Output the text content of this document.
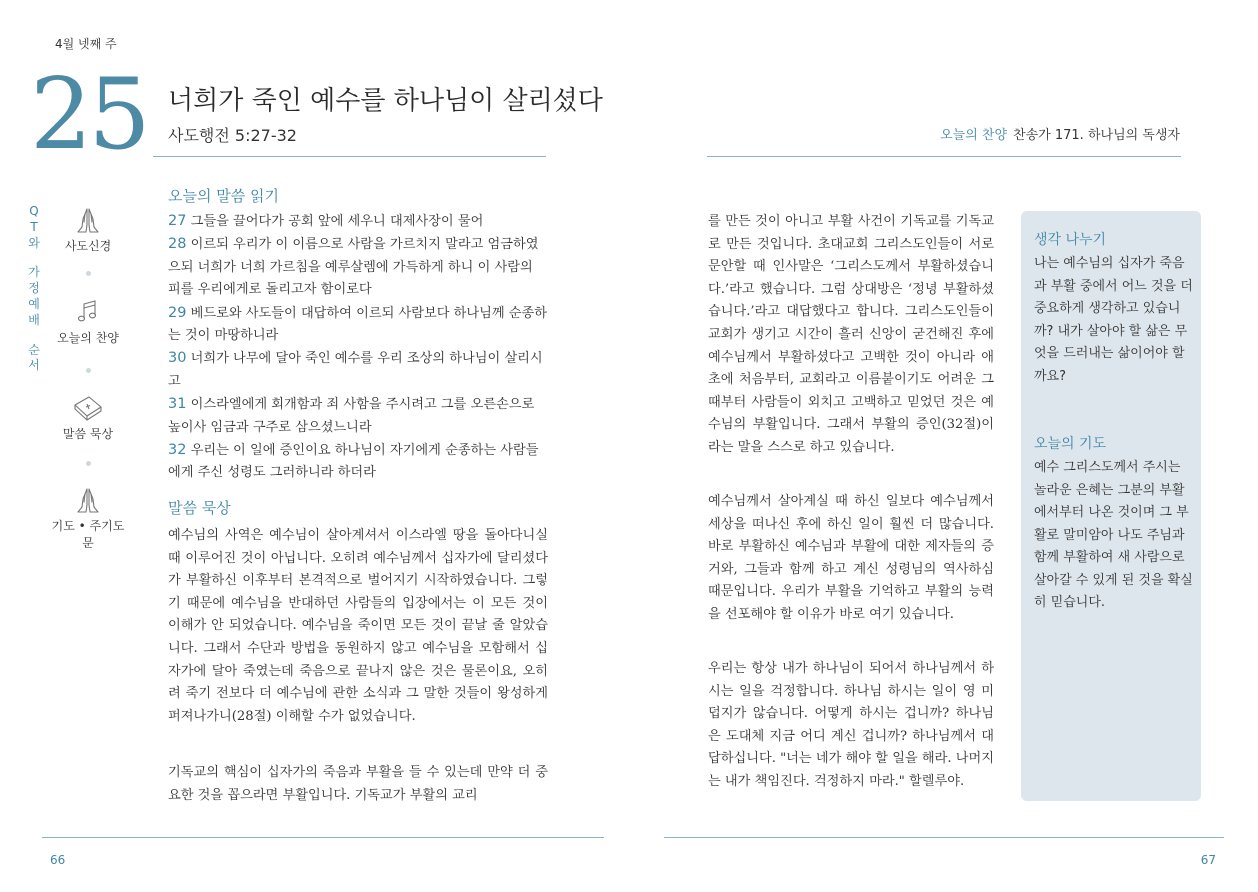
4월 넷째 주
25 너희가 죽인 예수를 하나님이 살리셨다
사도행전 5:27-32	오늘의 찬양 찬송가 171. 하나님의 독생자
Q
T
와
가
정
예
배
순
서
사도신경
오늘의 찬양
말씀 묵상
기도 • 주기도문
오늘의 말씀 읽기
27 그들을 끌어다가 공회 앞에 세우니 대제사장이 물어
28 이르되 우리가 이 이름으로 사람을 가르치지 말라고 엄금하였으되 너희가 너희 가르침을 예루살렘에 가득하게 하니 이 사람의 피를 우리에게로 돌리고자 함이로다
29 베드로와 사도들이 대답하여 이르되 사람보다 하나님께 순종하는 것이 마땅하니라
30 너희가 나무에 달아 죽인 예수를 우리 조상의 하나님이 살리시고
31 이스라엘에게 회개함과 죄 사함을 주시려고 그를 오른손으로 높이사 임금과 구주로 삼으셨느니라
32 우리는 이 일에 증인이요 하나님이 자기에게 순종하는 사람들에게 주신 성령도 그러하니라 하더라
말씀 묵상
예수님의 사역은 예수님이 살아계셔서 이스라엘 땅을 돌아다니실 때 이루어진 것이 아닙니다. 오히려 예수님께서 십자가에 달리셨다가 부활하신 이후부터 본격적으로 벌어지기 시작하였습니다. 그렇기 때문에 예수님을 반대하던 사람들의 입장에서는 이 모든 것이 이해가 안 되었습니다. 예수님을 죽이면 모든 것이 끝날 줄 알았습니다. 그래서 수단과 방법을 동원하지 않고 예수님을 모함해서 십자가에 달아 죽였는데 죽음으로 끝나지 않은 것은 물론이요, 오히려 죽기 전보다 더 예수님에 관한 소식과 그 말한 것들이 왕성하게 퍼져나가니(28절) 이해할 수가 없었습니다.
기독교의 핵심이 십자가의 죽음과 부활을 들 수 있는데 만약 더 중요한 것을 꼽으라면 부활입니다. 기독교가 부활의 교리
를 만든 것이 아니고 부활 사건이 기독교를 기독교로 만든 것입니다. 초대교회 그리스도인들이 서로 문안할 때 인사말은 ‘그리스도께서 부활하셨습니다.’라고 했습니다. 그럼 상대방은 ‘정녕 부활하셨습니다.’라고 대답했다고 합니다. 그리스도인들이 교회가 생기고 시간이 흘러 신앙이 굳건해진 후에 예수님께서 부활하셨다고 고백한 것이 아니라 애초에 처음부터, 교회라고 이름붙이기도 어려운 그 때부터 사람들이 외치고 고백하고 믿었던 것은 예수님의 부활입니다. 그래서 부활의 증인(32절)이라는 말을 스스로 하고 있습니다.
예수님께서 살아계실 때 하신 일보다 예수님께서 세상을 떠나신 후에 하신 일이 훨씬 더 많습니다. 바로 부활하신 예수님과 부활에 대한 제자들의 증거와, 그들과 함께 하고 계신 성령님의 역사하심 때문입니다. 우리가 부활을 기억하고 부활의 능력을 선포해야 할 이유가 바로 여기 있습니다.
우리는 항상 내가 하나님이 되어서 하나님께서 하시는 일을 걱정합니다. 하나님 하시는 일이 영 미덥지가 않습니다. 어떻게 하시는 겁니까? 하나님은 도대체 지금 어디 계신 겁니까? 하나님께서 대답하십니다. "너는 네가 해야 할 일을 해라. 나머지는 내가 책임진다. 걱정하지 마라." 할렐루야.
생각 나누기
나는 예수님의 십자가 죽음과 부활 중에서 어느 것을 더 중요하게 생각하고 있습니까? 내가 살아야 할 삶은 무엇을 드러내는 삶이어야 할까요?
오늘의 기도
예수 그리스도께서 주시는 놀라운 은혜는 그분의 부활에서부터 나온 것이며 그 부활로 말미암아 나도 주님과 함께 부활하여 새 사람으로 살아갈 수 있게 된 것을 확실히 믿습니다.
66	67
